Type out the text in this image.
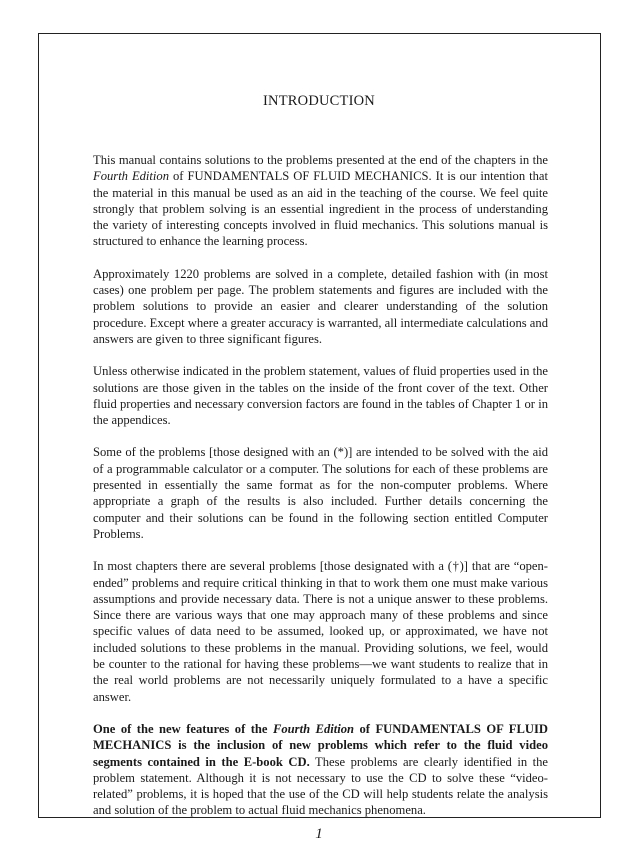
INTRODUCTION

This manual contains solutions to the problems presented at the end of the chapters in the Fourth Edition of FUNDAMENTALS OF FLUID MECHANICS. It is our intention that the material in this manual be used as an aid in the teaching of the course. We feel quite strongly that problem solving is an essential ingredient in the process of understanding the variety of interesting concepts involved in fluid mechanics. This solutions manual is structured to enhance the learning process.

Approximately 1220 problems are solved in a complete, detailed fashion with (in most cases) one problem per page. The problem statements and figures are included with the problem solutions to provide an easier and clearer understanding of the solution procedure. Except where a greater accuracy is warranted, all intermediate calculations and answers are given to three significant figures.

Unless otherwise indicated in the problem statement, values of fluid properties used in the solutions are those given in the tables on the inside of the front cover of the text. Other fluid properties and necessary conversion factors are found in the tables of Chapter 1 or in the appendices.

Some of the problems [those designed with an (*)] are intended to be solved with the aid of a programmable calculator or a computer. The solutions for each of these problems are presented in essentially the same format as for the non-computer problems. Where appropriate a graph of the results is also included. Further details concerning the computer and their solutions can be found in the following section entitled Computer Problems.

In most chapters there are several problems [those designated with a (†)] that are “open-ended” problems and require critical thinking in that to work them one must make various assumptions and provide necessary data. There is not a unique answer to these problems. Since there are various ways that one may approach many of these problems and since specific values of data need to be assumed, looked up, or approximated, we have not included solutions to these problems in the manual. Providing solutions, we feel, would be counter to the rational for having these problems—we want students to realize that in the real world problems are not necessarily uniquely formulated to a have a specific answer.

One of the new features of the Fourth Edition of FUNDAMENTALS OF FLUID MECHANICS is the inclusion of new problems which refer to the fluid video segments contained in the E-book CD. These problems are clearly identified in the problem statement. Although it is not necessary to use the CD to solve these “video-related” problems, it is hoped that the use of the CD will help students relate the analysis and solution of the problem to actual fluid mechanics phenomena.

1
